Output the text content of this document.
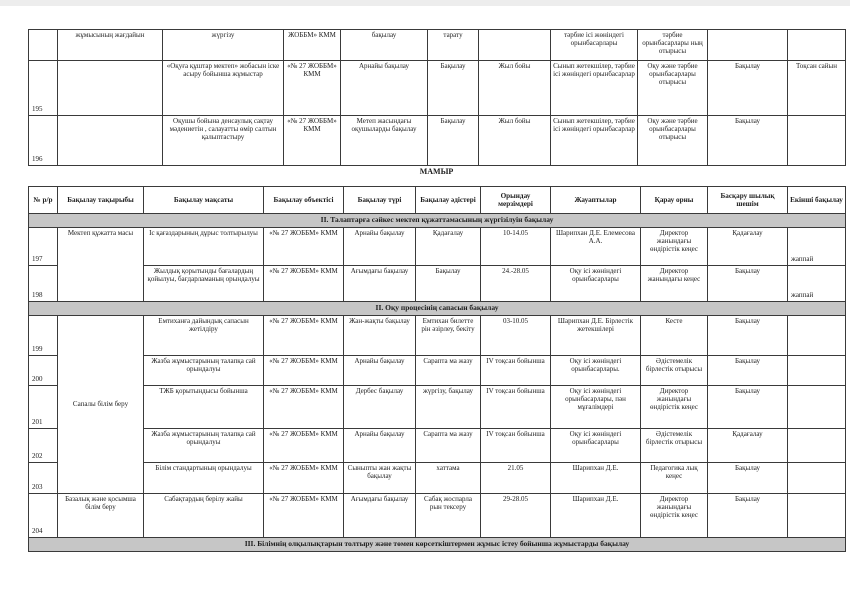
	жұмысының жағдайын	жүргізу	ЖОББМ» КММ	бақылау	тарату		тәрбие ісі жөніндегі орынбасарлары	тәрбие орынбасарлары ның отырысы		
195		«Оқуға құштар мектеп» жобасын іске асыру бойынша жұмыстар	«№ 27 ЖОББМ» КММ	Арнайы бақылау	Бақылау	Жыл бойы	Сынып жетекшілер, тәрбие ісі жөніндегі орынбасарлар	Оқу және тәрбие орынбасарлары отырысы	Бақылау	Тоқсан сайын
196		Оқушы бойына денсаулық сақтау мәдениетін , салауатты өмір салтын қалыптастыру	«№ 27 ЖОББМ» КММ	Метеп жасындағы оқушыларды бақылау	Бақылау	Жыл бойы	Сынып жетекшілер, тәрбие ісі жөніндегі орынбасарлар	Оқу және тәрбие орынбасарлары отырысы	Бақылау	
МАМЫР
№ р/р	Бақылау тақырыбы	Бақылау мақсаты	Бақылау объектісі	Бақылау түрі	Бақылау әдістері	Орындау мерзімдері	Жауаптылар	Қарау орны	Басқару шылық шешім	Екінші бақылау
ІІ. Талаптарға сәйкес мектеп құжаттамасының жүргізілуін бақылау										
197	Мектеп құжатта масы	Іс қағаздарының дұрыс толтырылуы	«№ 27 ЖОББМ» КММ	Арнайы бақылау	Қадағалау	10-14.05	Шарипхан Д.Е. Елемесова А.А.	Директор жанындағы өндірістік кеңес	Қадағалау	жаппай
198		Жылдық қорытынды бағалардың қойылуы, бағдарламаның орындалуы	«№ 27 ЖОББМ» КММ	Ағымдағы бақылау	Бақылау	24.-28.05	Оқу ісі жөніндегі орынбасарлары	Директор жанындағы кеңес	Бақылау	жаппай
ІІ. Оқу процесінің сапасын бақылау										
199	Сапалы білім беру	Емтиханға дайындық сапасын жетілдіру	«№ 27 ЖОББМ» КММ	Жан-жақты бақылау	Емтихан билетте рін әзірлеу, бекіту	03-10.05	Шарипхан Д.Е. Бірлестік жетекшілері	Кесте	Бақылау	
200		Жазба жұмыстарының талапқа сай орындалуы	«№ 27 ЖОББМ» КММ	Арнайы бақылау	Сарапта ма жазу	IV тоқсан бойынша	Оқу ісі жөніндегі орынбасарлары.	Әдістемелік бірлестік отырысы	Бақылау	
201		ТЖБ қорытындысы бойынша	«№ 27 ЖОББМ» КММ	Дербес бақылау	жүргізу, бақылау	IV тоқсан бойынша	Оқу ісі жөніндегі орынбасарлары, пән мұғалімдері	Директор жанындағы өндірістік кеңес	Бақылау	
202		Жазба жұмыстарының талапқа сай орындалуы	«№ 27 ЖОББМ» КММ	Арнайы бақылау	Сарапта ма жазу	IV тоқсан бойынша	Оқу ісі жөніндегі орынбасарлары	Әдістемелік бірлестік отырысы	Қадағалау	
203		Білім стандартының орындалуы	«№ 27 ЖОББМ» КММ	Сыныпты жан жақты бақылау	хаттама	21.05	Шарипхан Д.Е.	Педагогика лық кеңес	Бақылау	
204	Базалық және қосымша білім беру	Сабақтардың берілу жайы	«№ 27 ЖОББМ» КММ	Ағымдағы бақылау	Сабақ жоспарла рын тексеру	29-28.05	Шарипхан Д.Е.	Директор жанындағы өндірістік кеңес	Бақылау	
ІІІ. Білімнің олқылықтарын толтыру және төмен көрсеткіштермен жұмыс істеу бойынша жұмыстарды бақылау										
